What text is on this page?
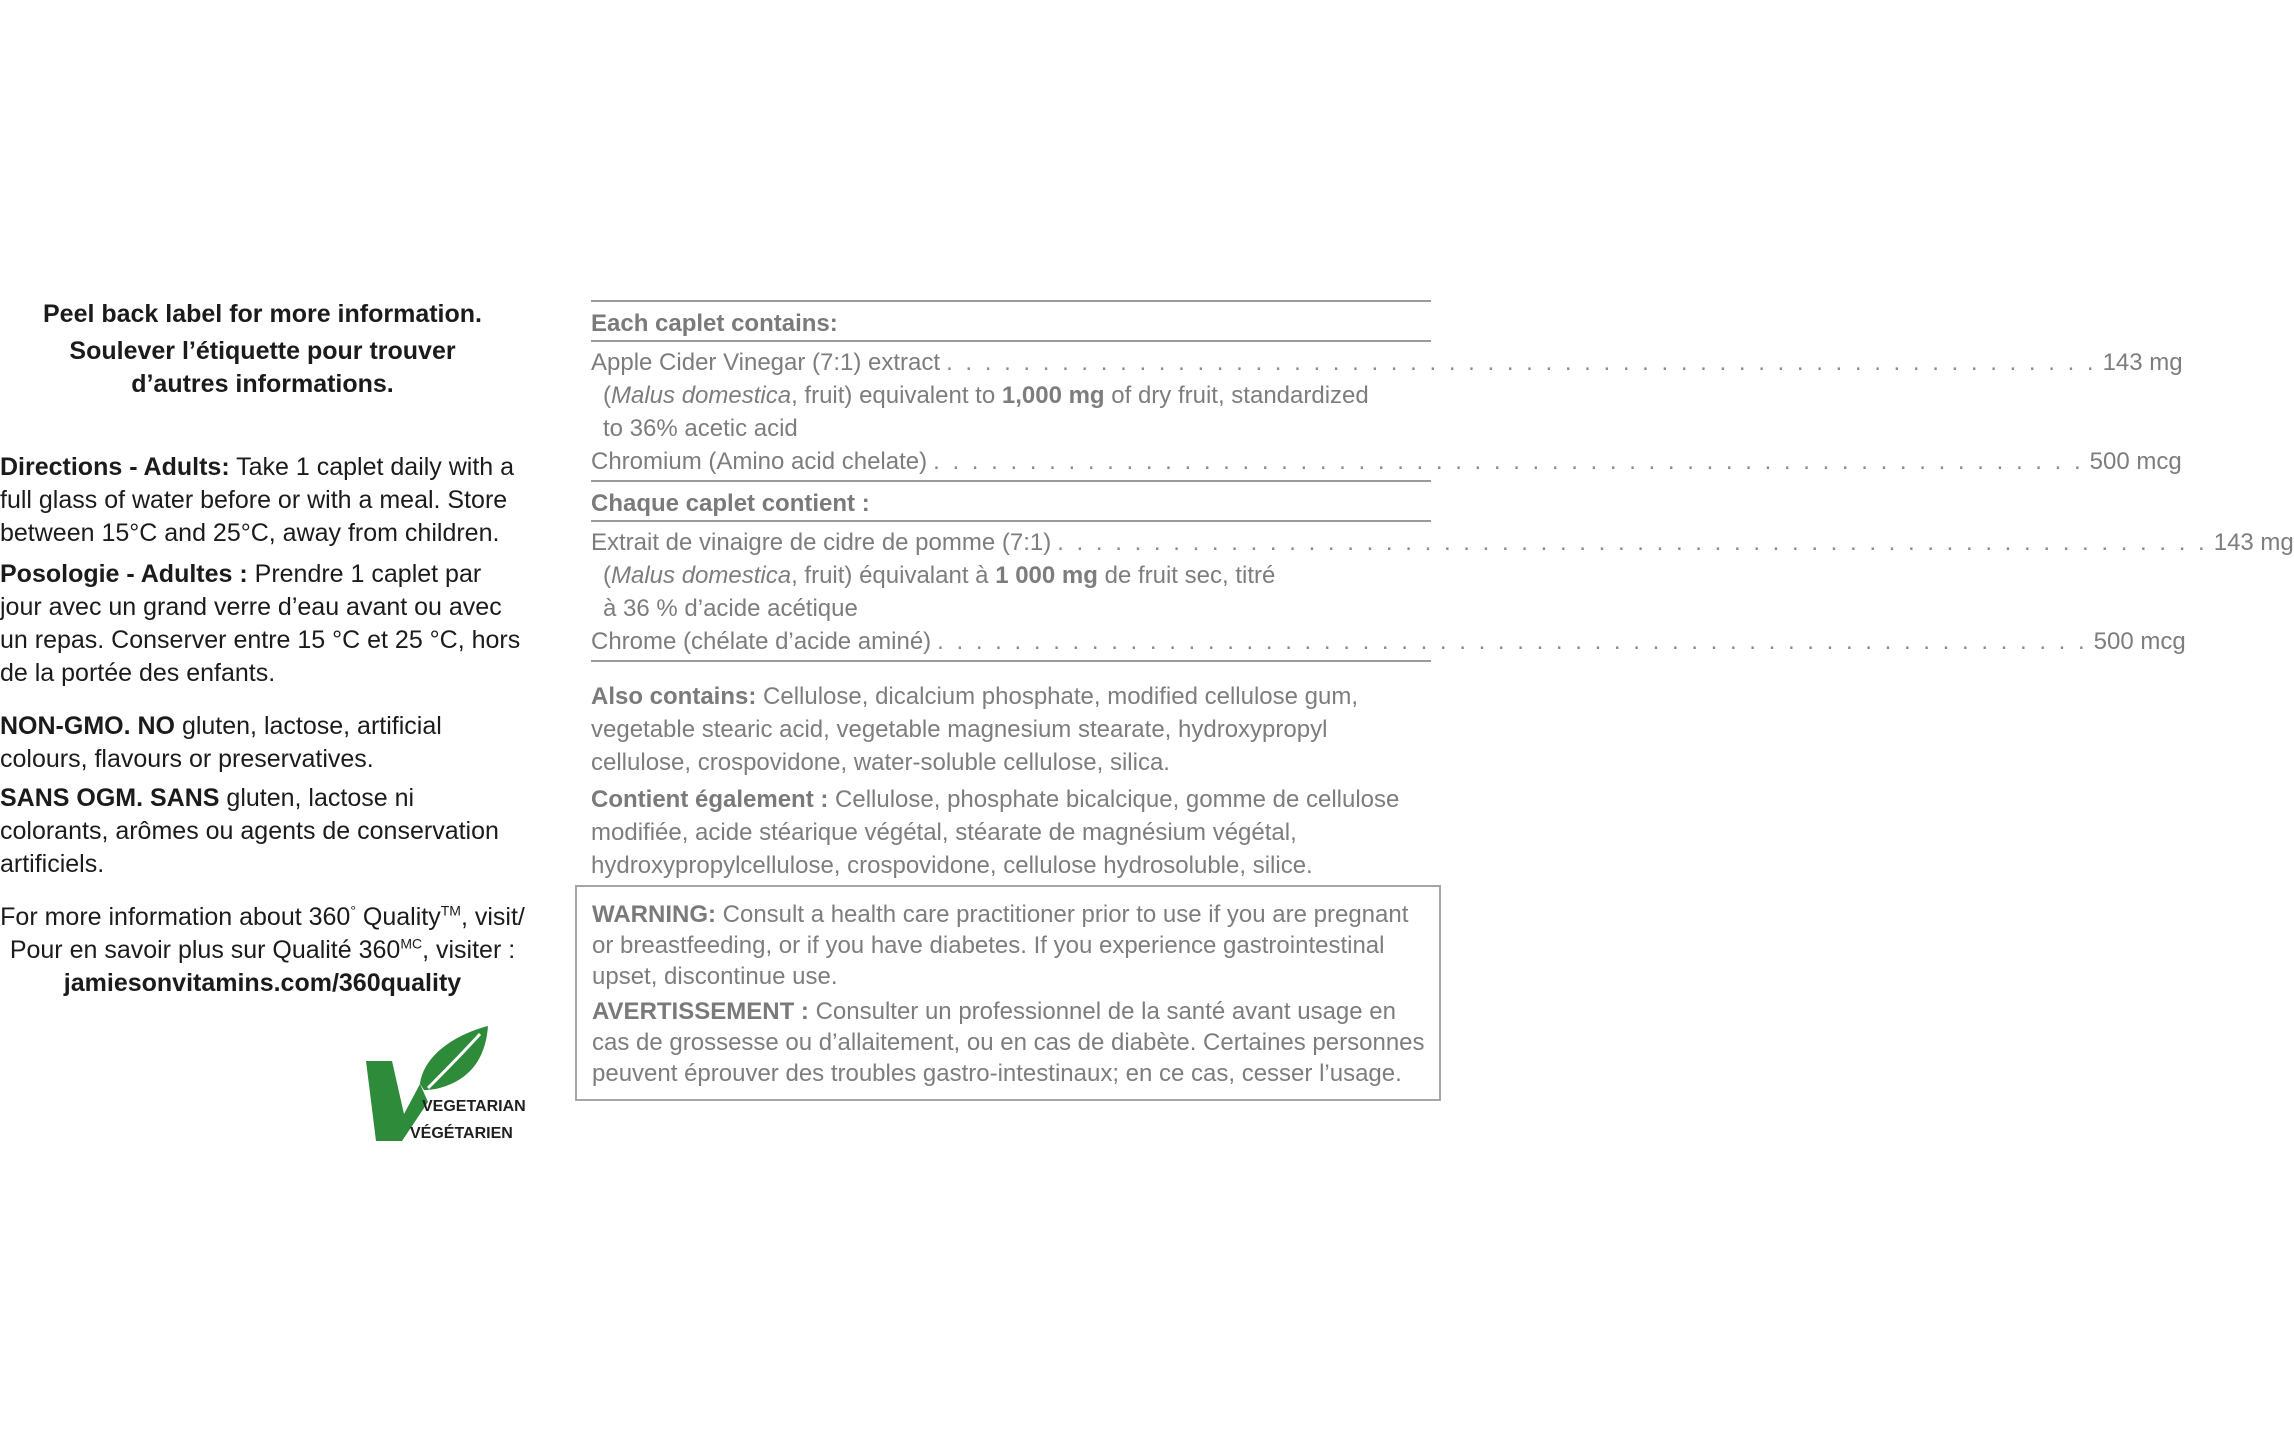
Peel back label for more information.
Soulever l’étiquette pour trouver
d’autres informations.
Directions - Adults: Take 1 caplet daily with a full glass of water before or with a meal. Store between 15°C and 25°C, away from children.
Posologie - Adultes : Prendre 1 caplet par jour avec un grand verre d’eau avant ou avec un repas. Conserver entre 15 °C et 25 °C, hors de la portée des enfants.
NON-GMO. NO gluten, lactose, artificial colours, flavours or preservatives.
SANS OGM. SANS gluten, lactose ni colorants, arômes ou agents de conservation artificiels.
For more information about 360° Quality™, visit/
Pour en savoir plus sur Qualité $360^{MC}$, visiter :
jamiesonvitamins.com/360quality
VEGETARIAN
VÉGÉTARIEN
Each caplet contains:
Apple Cider Vinegar (7:1) extract . . . . . . . . . . . . . . . . . . . . . . . . . . . . . . . . . . . . . . . . . . . . . . . . . . . . . . . . . . . . 143 mg
(Malus domestica, fruit) equivalent to 1,000 mg of dry fruit, standardized
to 36% acetic acid
Chromium (Amino acid chelate) . . . . . . . . . . . . . . . . . . . . . . . . . . . . . . . . . . . . . . . . . . . . . . . . . . . . . . . . . . . . 500 mcg
Chaque caplet contient :
Extrait de vinaigre de cidre de pomme (7:1) . . . . . . . . . . . . . . . . . . . . . . . . . . . . . . . . . . . . . . . . . . . . . . . . . . . . . . . . . . . . 143 mg
(Malus domestica, fruit) équivalant à 1 000 mg de fruit sec, titré
à 36 % d’acide acétique
Chrome (chélate d’acide aminé) . . . . . . . . . . . . . . . . . . . . . . . . . . . . . . . . . . . . . . . . . . . . . . . . . . . . . . . . . . . . 500 mcg
Also contains: Cellulose, dicalcium phosphate, modified cellulose gum, vegetable stearic acid, vegetable magnesium stearate, hydroxypropyl cellulose, crospovidone, water-soluble cellulose, silica.
Contient également : Cellulose, phosphate bicalcique, gomme de cellulose modifiée, acide stéarique végétal, stéarate de magnésium végétal, hydroxypropylcellulose, crospovidone, cellulose hydrosoluble, silice.
WARNING: Consult a health care practitioner prior to use if you are pregnant or breastfeeding, or if you have diabetes. If you experience gastrointestinal upset, discontinue use.
AVERTISSEMENT : Consulter un professionnel de la santé avant usage en cas de grossesse ou d’allaitement, ou en cas de diabète. Certaines personnes peuvent éprouver des troubles gastro-intestinaux; en ce cas, cesser l’usage.
